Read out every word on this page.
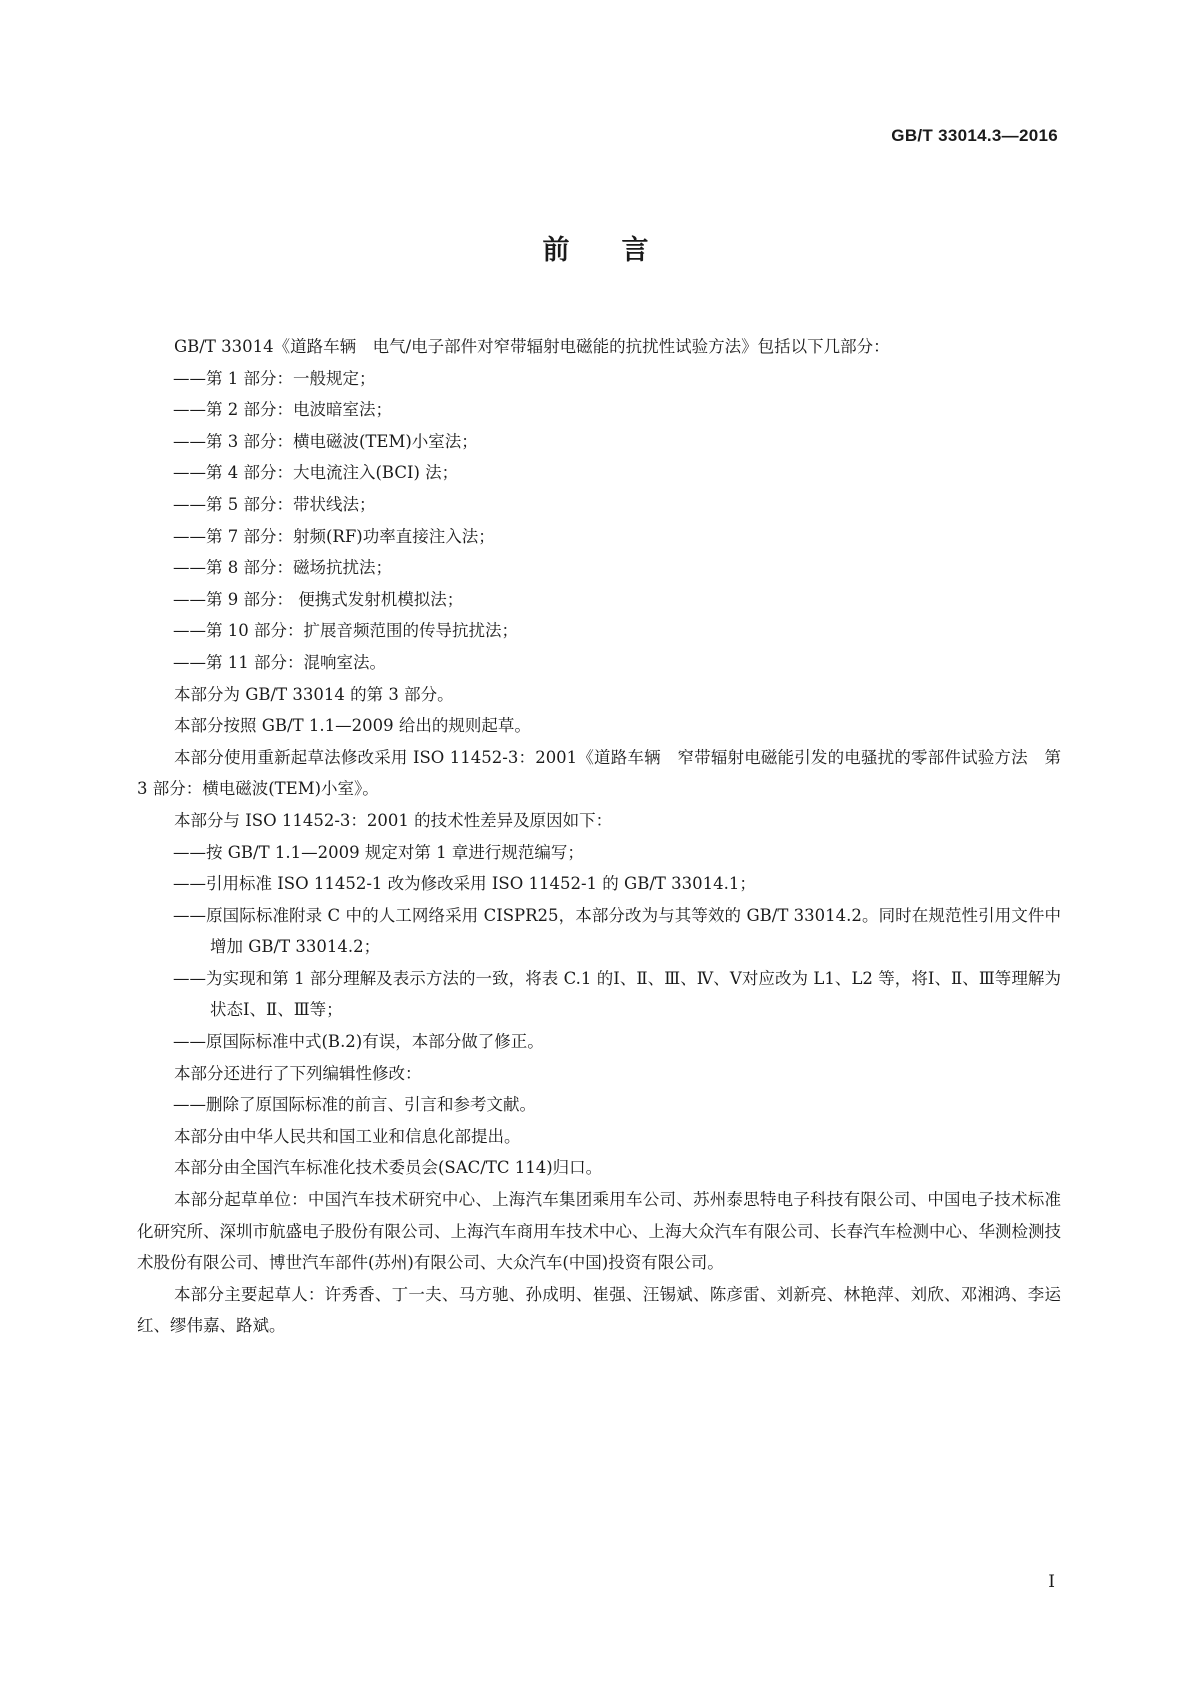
GB/T 33014.3—2016
前言

GB/T 33014《道路车辆　电气/电子部件对窄带辐射电磁能的抗扰性试验方法》包括以下几部分：

——第 1 部分：一般规定；

——第 2 部分：电波暗室法；

——第 3 部分：横电磁波(TEM)小室法；

——第 4 部分：大电流注入(BCI) 法；

——第 5 部分：带状线法；

——第 7 部分：射频(RF)功率直接注入法；

——第 8 部分：磁场抗扰法；

——第 9 部分： 便携式发射机模拟法；

——第 10 部分：扩展音频范围的传导抗扰法；

——第 11 部分：混响室法。

本部分为 GB/T 33014 的第 3 部分。

本部分按照 GB/T 1.1—2009 给出的规则起草。

本部分使用重新起草法修改采用 ISO 11452-3：2001《道路车辆　窄带辐射电磁能引发的电骚扰的零部件试验方法　第 3 部分：横电磁波(TEM)小室》。

本部分与 ISO 11452-3：2001 的技术性差异及原因如下：

——按 GB/T 1.1—2009 规定对第 1 章进行规范编写；

——引用标准 ISO 11452-1 改为修改采用 ISO 11452-1 的 GB/T 33014.1；

——原国际标准附录 C 中的人工网络采用 CISPR25，本部分改为与其等效的 GB/T 33014.2。同时在规范性引用文件中增加 GB/T 33014.2；

——为实现和第 1 部分理解及表示方法的一致，将表 C.1 的Ⅰ、Ⅱ、Ⅲ、Ⅳ、Ⅴ对应改为 L1、L2 等，将Ⅰ、Ⅱ、Ⅲ等理解为状态Ⅰ、Ⅱ、Ⅲ等；

——原国际标准中式(B.2)有误，本部分做了修正。

本部分还进行了下列编辑性修改：

——删除了原国际标准的前言、引言和参考文献。

本部分由中华人民共和国工业和信息化部提出。

本部分由全国汽车标准化技术委员会(SAC/TC 114)归口。

本部分起草单位：中国汽车技术研究中心、上海汽车集团乘用车公司、苏州泰思特电子科技有限公司、中国电子技术标准化研究所、深圳市航盛电子股份有限公司、上海汽车商用车技术中心、上海大众汽车有限公司、长春汽车检测中心、华测检测技术股份有限公司、博世汽车部件(苏州)有限公司、大众汽车(中国)投资有限公司。

本部分主要起草人：许秀香、丁一夫、马方驰、孙成明、崔强、汪锡斌、陈彦雷、刘新亮、林艳萍、刘欣、邓湘鸿、李运红、缪伟嘉、路斌。

I
